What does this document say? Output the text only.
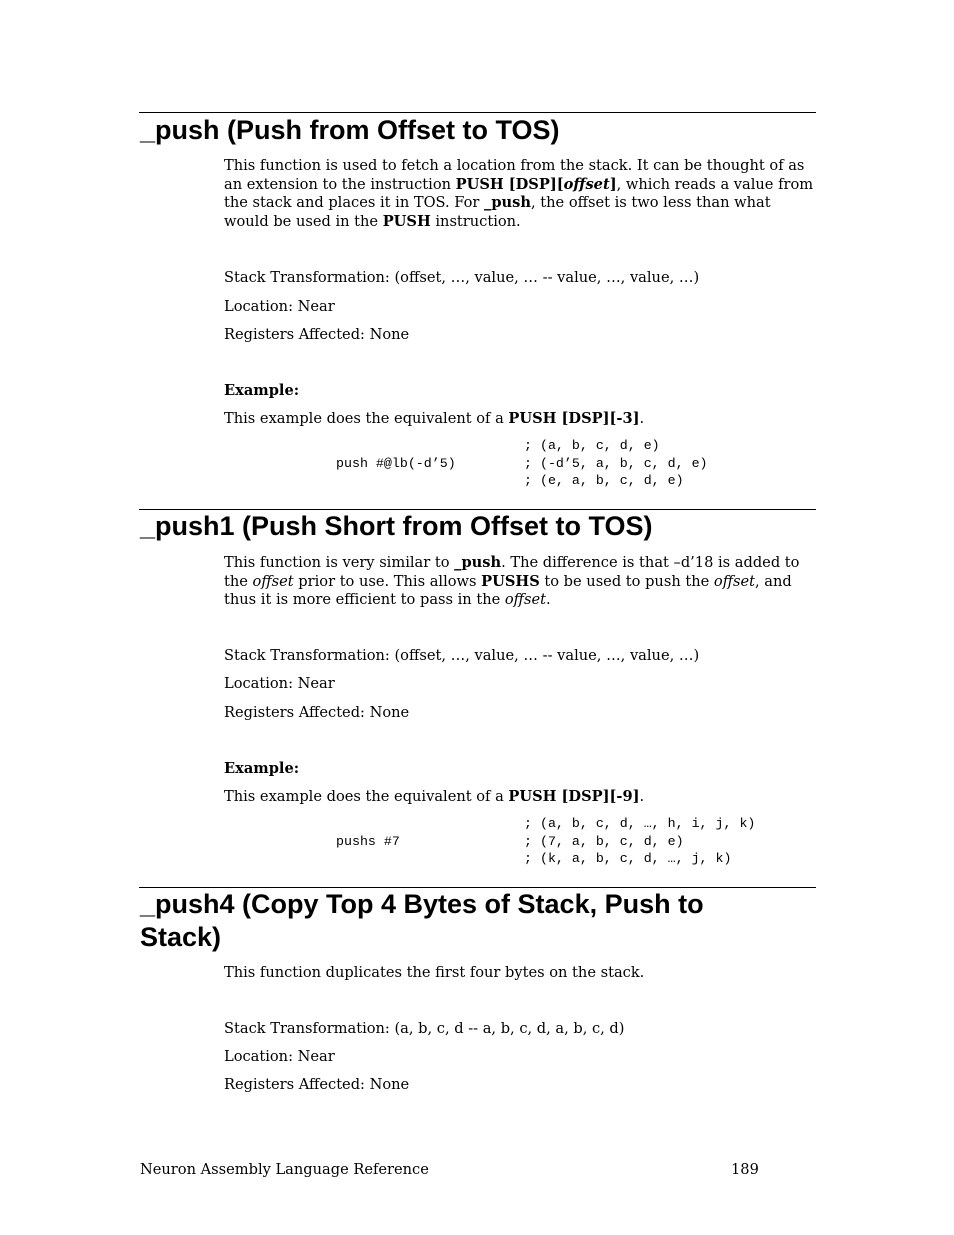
_push (Push from Offset to TOS)

This function is used to fetch a location from the stack. It can be thought of as an extension to the instruction PUSH [DSP][offset], which reads a value from the stack and places it in TOS. For _push, the offset is two less than what would be used in the PUSH instruction.

Stack Transformation: (offset, …, value, … -- value, …, value, …)

Location: Near

Registers Affected: None

Example:

This example does the equivalent of a PUSH [DSP][-3].

push #@lb(-d’5)

; (a, b, c, d, e)

; (-d’5, a, b, c, d, e)

; (e, a, b, c, d, e)

_push1 (Push Short from Offset to TOS)

This function is very similar to _push. The difference is that –d’18 is added to the offset prior to use. This allows PUSHS to be used to push the offset, and thus it is more efficient to pass in the offset.

Stack Transformation: (offset, …, value, … -- value, …, value, …)

Location: Near

Registers Affected: None

Example:

This example does the equivalent of a PUSH [DSP][-9].

pushs #7

; (a, b, c, d, …, h, i, j, k)

; (7, a, b, c, d, e)

; (k, a, b, c, d, …, j, k)

_push4 (Copy Top 4 Bytes of Stack, Push to
Stack)

This function duplicates the first four bytes on the stack.

Stack Transformation: (a, b, c, d -- a, b, c, d, a, b, c, d)

Location: Near

Registers Affected: None

Neuron Assembly Language Reference	189
